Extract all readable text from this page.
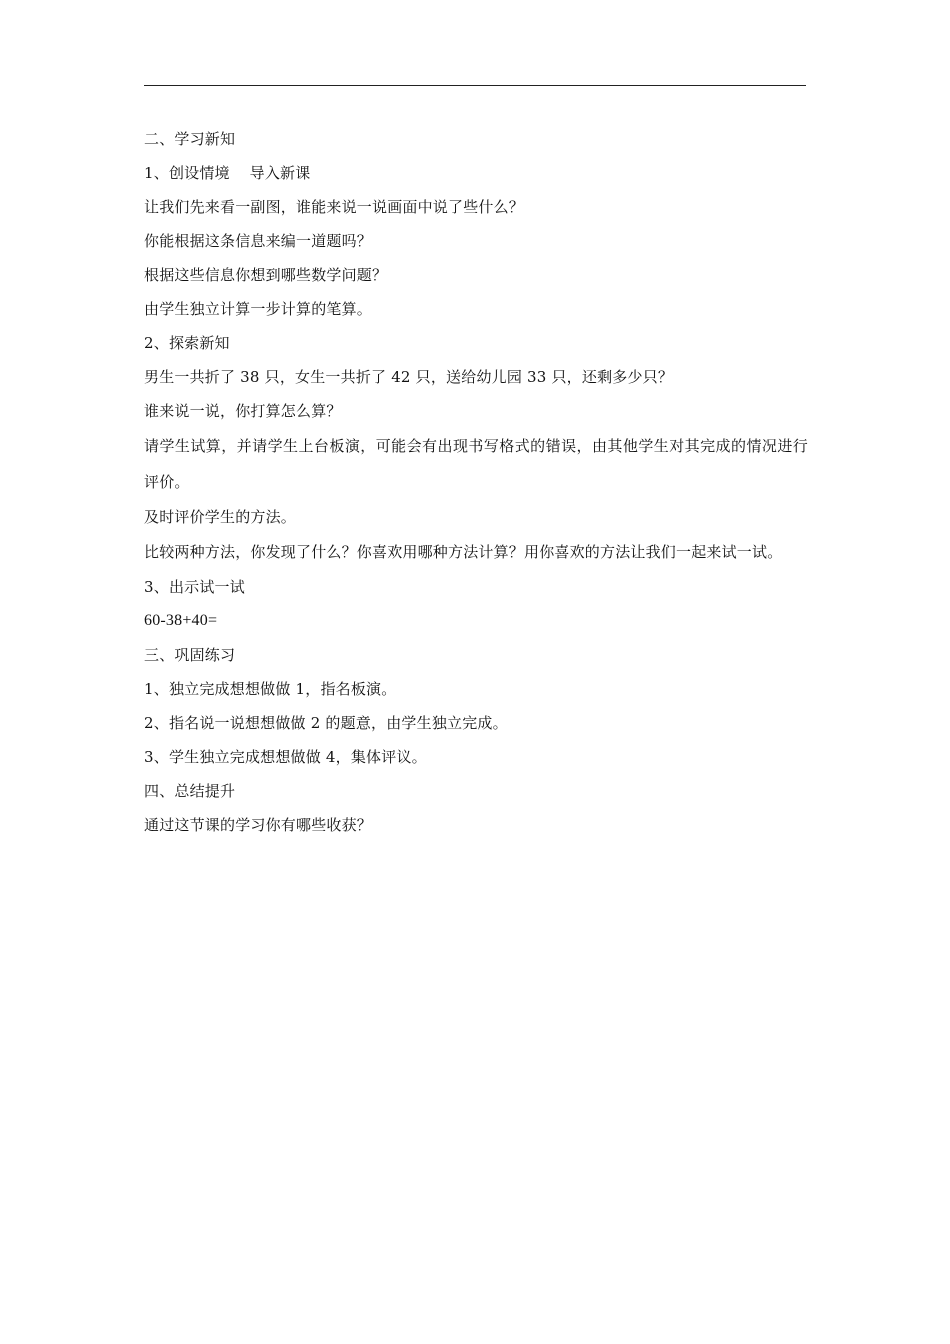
二、学习新知

1、创设情境    导入新课

让我们先来看一副图，谁能来说一说画面中说了些什么？

你能根据这条信息来编一道题吗？

根据这些信息你想到哪些数学问题？

由学生独立计算一步计算的笔算。

2、探索新知

男生一共折了 38 只，女生一共折了 42 只，送给幼儿园 33 只，还剩多少只？

谁来说一说，你打算怎么算？

请学生试算，并请学生上台板演，可能会有出现书写格式的错误，由其他学生对其完成的情况进行评价。

及时评价学生的方法。

比较两种方法，你发现了什么？你喜欢用哪种方法计算？用你喜欢的方法让我们一起来试一试。

3、出示试一试

60-38+40=

三、巩固练习

1、独立完成想想做做 1，指名板演。

2、指名说一说想想做做 2 的题意，由学生独立完成。

3、学生独立完成想想做做 4，集体评议。

四、总结提升

通过这节课的学习你有哪些收获？
